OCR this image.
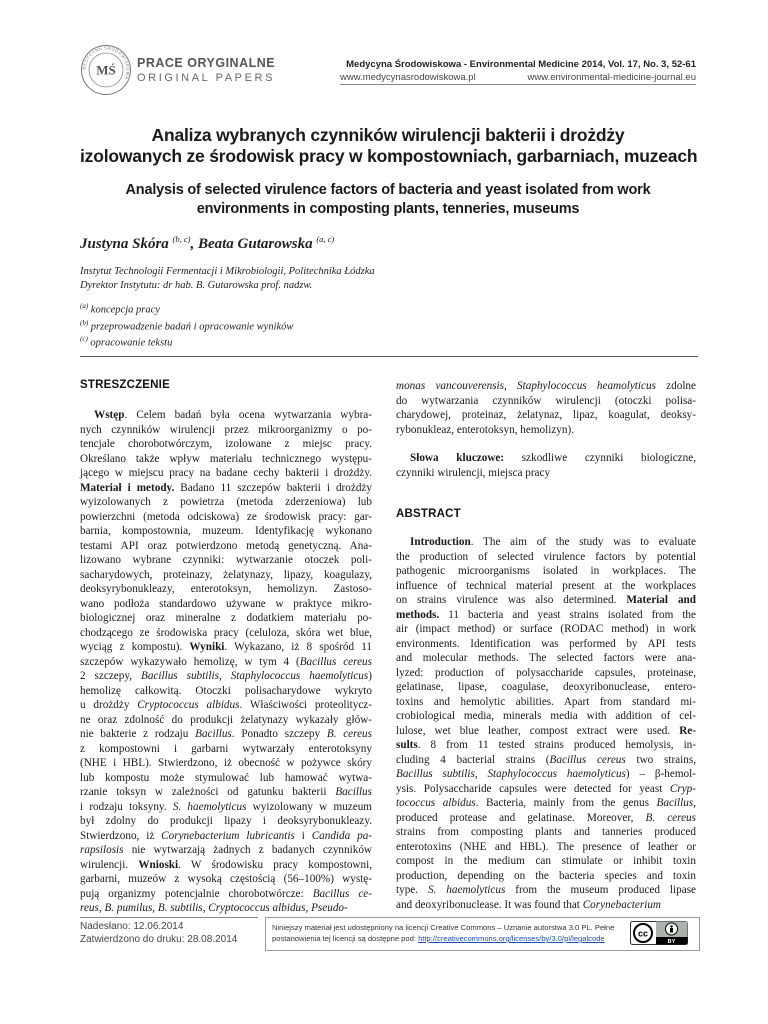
MŚ
MEDYCYNA ŚRODOWISKOWA
PRACE ORYGINALNE
ORIGINAL PAPERS
Medycyna Środowiskowa - Environmental Medicine 2014, Vol. 17, No. 3, 52-61
www.medycynasrodowiskowa.pl	www.environmental-medicine-journal.eu
Analiza wybranych czynników wirulencji bakterii i drożdży
izolowanych ze środowisk pracy w kompostowniach, garbarniach, muzeach
Analysis of selected virulence factors of bacteria and yeast isolated from work
environments in composting plants, tenneries, museums
Justyna Skóra $^{(b, c)}$, Beata Gutarowska $^{(a, c)}$
Instytut Technologii Fermentacji i Mikrobiologii, Politechnika Łódzka
Dyrektor Instytutu: dr hab. B. Gutarowska prof. nadzw.
$^{(a)}$ koncepcja pracy
$^{(b)}$ przeprowadzenie badań i opracowanie wyników
$^{(c)}$ opracowanie tekstu
STRESZCZENIE
Wstęp. Celem badań była ocena wytwarzania wybra-
nych czynników wirulencji przez mikroorganizmy o po-
tencjale chorobotwórczym, izolowane z miejsc pracy.
Określano także wpływ materiału technicznego występu-
jącego w miejscu pracy na badane cechy bakterii i drożdży.
Materiał i metody. Badano 11 szczepów bakterii i drożdży
wyizolowanych z powietrza (metoda zderzeniowa) lub
powierzchni (metoda odciskowa) ze środowisk pracy: gar-
barnia, kompostownia, muzeum. Identyfikację wykonano
testami API oraz potwierdzono metodą genetyczną. Ana-
lizowano wybrane czynniki: wytwarzanie otoczek poli-
sacharydowych, proteinazy, żelatynazy, lipazy, koagulazy,
deoksyrybonukleazy, enterotoksyn, hemolizyn. Zastoso-
wano podłoża standardowo używane w praktyce mikro-
biologicznej oraz mineralne z dodatkiem materiału po-
chodzącego ze środowiska pracy (celuloza, skóra wet blue,
wyciąg z kompostu). Wyniki. Wykazano, iż 8 spośród 11
szczepów wykazywało hemolizę, w tym 4 (Bacillus cereus
2 szczepy, Bacillus subtilis, Staphylococcus haemolyticus)
hemolizę całkowitą. Otoczki polisacharydowe wykryto
u drożdży Cryptococcus albidus. Właściwości proteolitycz-
ne oraz zdolność do produkcji żelatynazy wykazały głów-
nie bakterie z rodzaju Bacillus. Ponadto szczepy B. cereus
z kompostowni i garbarni wytwarzały enterotoksyny
(NHE i HBL). Stwierdzono, iż obecność w pożywce skóry
lub kompostu może stymulować lub hamować wytwa-
rzanie toksyn w zależności od gatunku bakterii Bacillus
i rodzaju toksyny. S. haemolyticus wyizolowany w muzeum
był zdolny do produkcji lipazy i deoksyrybonukleazy.
Stwierdzono, iż Corynebacterium lubricantis i Candida pa-
rapsilosis nie wytwarzają żadnych z badanych czynników
wirulencji. Wnioski. W środowisku pracy kompostowni,
garbarni, muzeów z wysoką częstością (56–100%) wystę-
pują organizmy potencjalnie chorobotwórcze: Bacillus ce-
reus, B. pumilus, B. subtilis, Cryptococcus albidus, Pseudo-
monas vancouverensis, Staphylococcus heamolyticus zdolne
do wytwarzania czynników wirulencji (otoczki polisa-
charydowej, proteinaz, żelatynaz, lipaz, koagulat, deoksy-
rybonukleaz, enterotoksyn, hemolizyn).
Słowa kluczowe: szkodliwe czynniki biologiczne,
czynniki wirulencji, miejsca pracy
ABSTRACT
Introduction. The aim of the study was to evaluate
the production of selected virulence factors by potential
pathogenic microorganisms isolated in workplaces. The
influence of technical material present at the workplaces
on strains virulence was also determined. Material and
methods. 11 bacteria and yeast strains isolated from the
air (impact method) or surface (RODAC method) in work
environments. Identification was performed by API tests
and molecular methods. The selected factors were ana-
lyzed: production of polysaccharide capsules, proteinase,
gelatinase, lipase, coagulase, deoxyribonuclease, entero-
toxins and hemolytic abilities. Apart from standard mi-
crobiological media, minerals media with addition of cel-
lulose, wet blue leather, compost extract were used. Re-
sults. 8 from 11 tested strains produced hemolysis, in-
cluding 4 bacterial strains (Bacillus cereus two strains,
Bacillus subtilis, Staphylococcus haemolyticus) – β-hemol-
ysis. Polysaccharide capsules were detected for yeast Cryp-
tococcus albidus. Bacteria, mainly from the genus Bacillus,
produced protease and gelatinase. Moreover, B. cereus
strains from composting plants and tanneries produced
enterotoxins (NHE and HBL). The presence of leather or
compost in the medium can stimulate or inhibit toxin
production, depending on the bacteria species and toxin
type. S. haemolyticus from the museum produced lipase
and deoxyribonuclease. It was found that Corynebacterium
Nadesłano: 12.06.2014
Zatwierdzono do druku: 28.08.2014
Niniejszy materiał jest udostępniony na licencji Creative Commons – Uznanie autorstwa 3.0 PL. Pełne
postanowienia tej licencji są dostępne pod: http://creativecommons.org/licenses/by/3.0/pl/legalcode	cc
BY
